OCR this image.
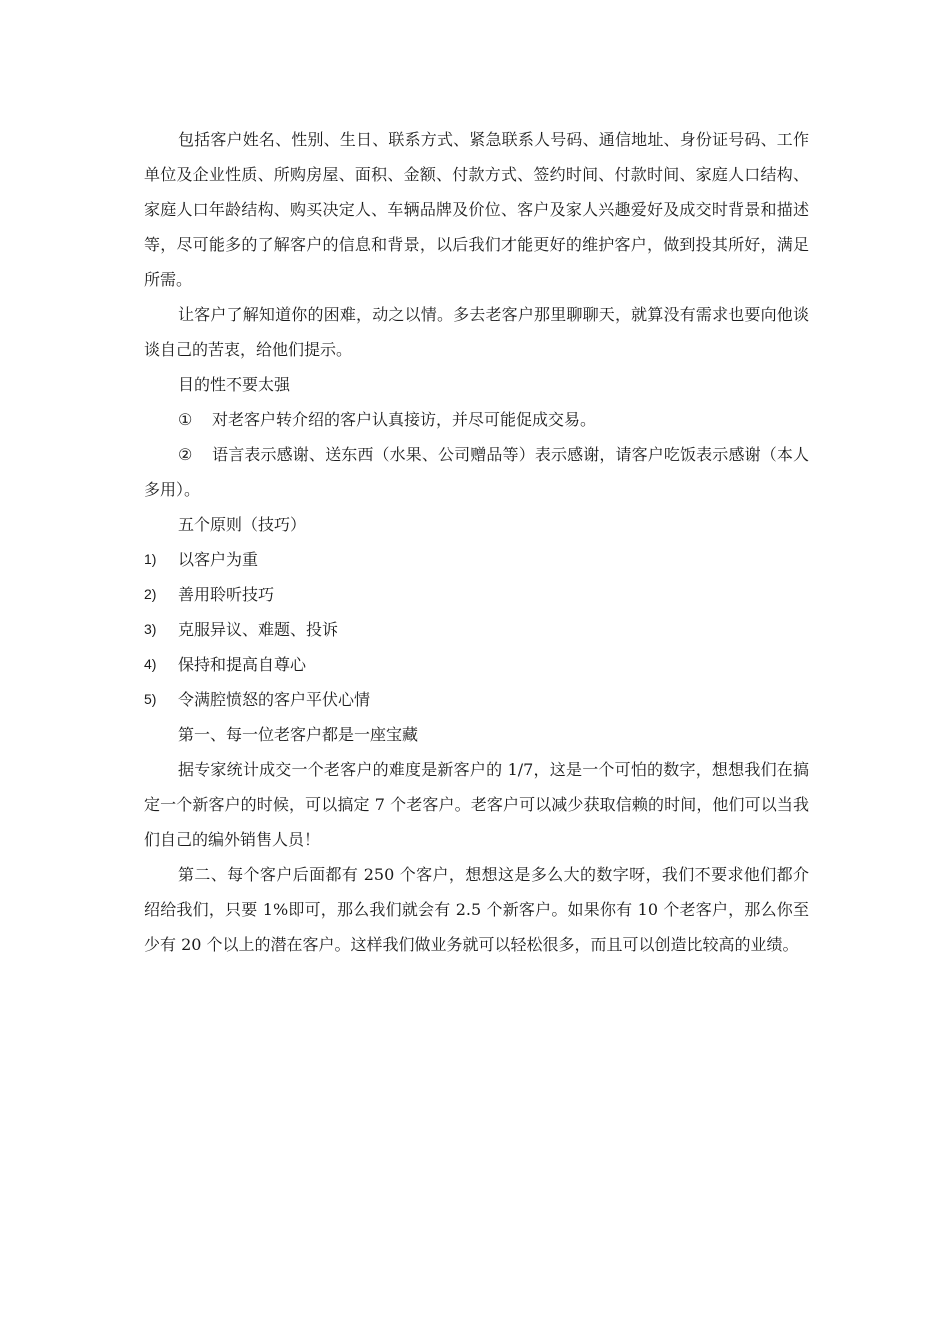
包括客户姓名、性别、生日、联系方式、紧急联系人号码、通信地址、身份证号码、工作单位及企业性质、所购房屋、面积、金额、付款方式、签约时间、付款时间、家庭人口结构、家庭人口年龄结构、购买决定人、车辆品牌及价位、客户及家人兴趣爱好及成交时背景和描述等，尽可能多的了解客户的信息和背景，以后我们才能更好的维护客户，做到投其所好，满足所需。

让客户了解知道你的困难，动之以情。多去老客户那里聊聊天，就算没有需求也要向他谈谈自己的苦衷，给他们提示。

目的性不要太强

① 对老客户转介绍的客户认真接访，并尽可能促成交易。

② 语言表示感谢、送东西（水果、公司赠品等）表示感谢，请客户吃饭表示感谢（本人多用）。

五个原则（技巧）

1) 以客户为重
2) 善用聆听技巧
3) 克服异议、难题、投诉
4) 保持和提高自尊心
5) 令满腔愤怒的客户平伏心情

第一、每一位老客户都是一座宝藏

据专家统计成交一个老客户的难度是新客户的 1/7，这是一个可怕的数字，想想我们在搞定一个新客户的时候，可以搞定 7 个老客户。老客户可以减少获取信赖的时间，他们可以当我们自己的编外销售人员！

第二、每个客户后面都有 250 个客户，想想这是多么大的数字呀，我们不要求他们都介绍给我们，只要 1%即可，那么我们就会有 2.5 个新客户。如果你有 10 个老客户，那么你至少有 20 个以上的潜在客户。这样我们做业务就可以轻松很多，而且可以创造比较高的业绩。
